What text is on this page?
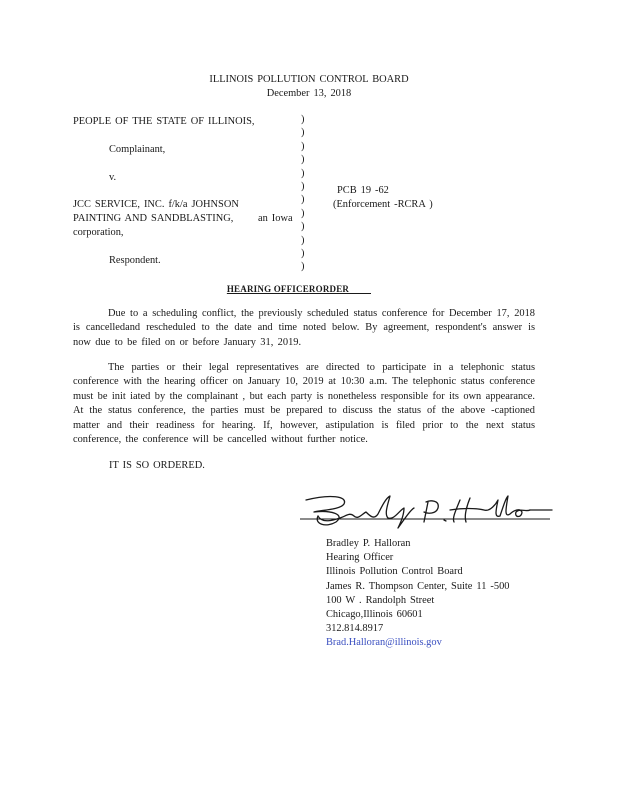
ILLINOIS POLLUTION CONTROL BOARD
December 13, 2018
PEOPLE OF THE STATE OF ILLINOIS,
Complainant,
v.
JCC SERVICE, INC. f/k/a JOHNSON
PAINTING AND SANDBLASTING, an Iowa
corporation,
Respondent.
)
)
)
)
)
)
)
)
)
)
)
)
PCB 19 -62
(Enforcement -RCRA )
HEARING OFFICERORDER
Due to a scheduling conflict, the previously scheduled status conference for December 17, 2018 is cancelledand rescheduled to the date and time noted below. By agreement, respondent's answer is now due to be filed on or before January 31, 2019.
The parties or their legal representatives are directed to participate in a telephonic status conference with the hearing officer on January 10, 2019 at 10:30 a.m. The telephonic status conference must be init iated by the complainant , but each party is nonetheless responsible for its own appearance. At the status conference, the parties must be prepared to discuss the status of the above -captioned matter and their readiness for hearing. If, however, astipulation is filed prior to the next status conference, the conference will be cancelled without further notice.
IT IS SO ORDERED.
Bradley P. Halloran
Hearing Officer
Illinois Pollution Control Board
James R. Thompson Center, Suite 11 -500
100 W . Randolph Street
Chicago,Illinois 60601
312.814.8917
Brad.Halloran@illinois.gov
